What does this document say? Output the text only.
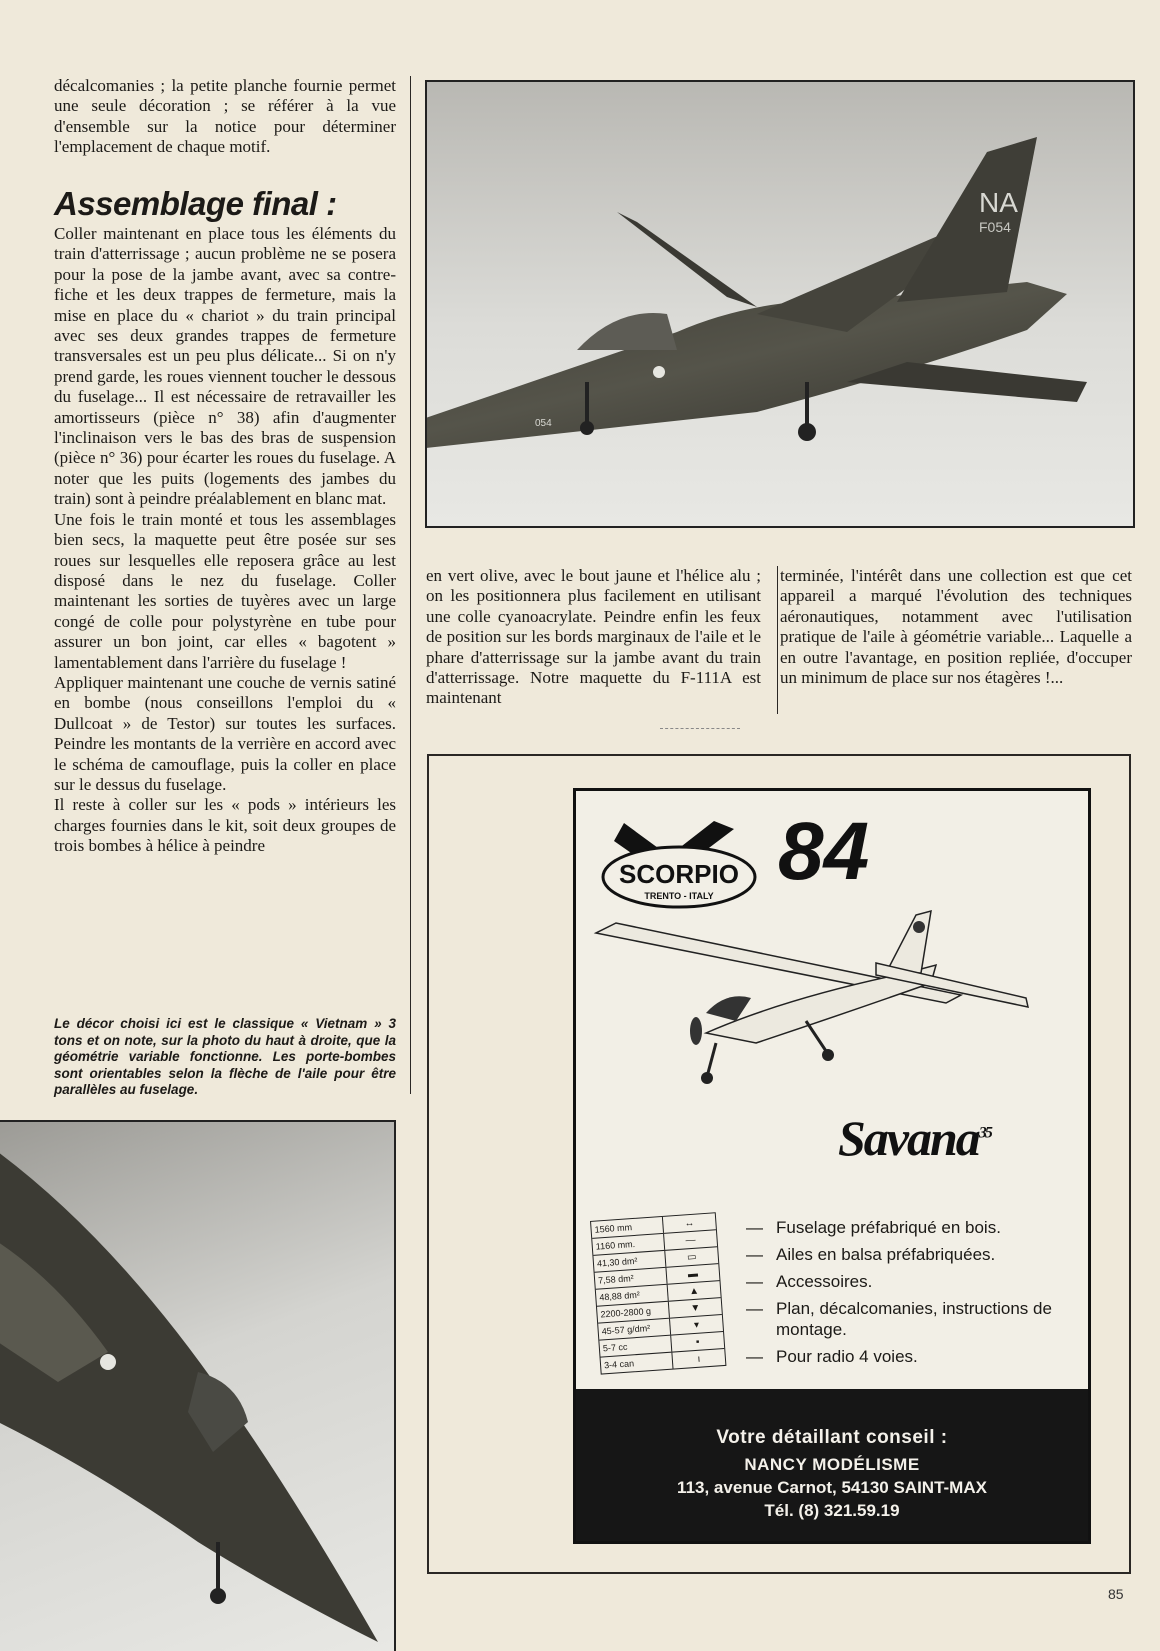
décalcomanies ; la petite planche fournie permet une seule décoration ; se référer à la vue d'ensemble sur la notice pour déterminer l'emplacement de chaque motif.

Assemblage final :

Coller maintenant en place tous les éléments du train d'atterrissage ; aucun problème ne se posera pour la pose de la jambe avant, avec sa contre-fiche et les deux trappes de fermeture, mais la mise en place du « chariot » du train principal avec ses deux grandes trappes de fermeture transversales est un peu plus délicate... Si on n'y prend garde, les roues viennent toucher le dessous du fuselage... Il est nécessaire de retravailler les amortisseurs (pièce n° 38) afin d'augmenter l'inclinaison vers le bas des bras de suspension (pièce n° 36) pour écarter les roues du fuselage. A noter que les puits (logements des jambes du train) sont à peindre préalablement en blanc mat.

Une fois le train monté et tous les assemblages bien secs, la maquette peut être posée sur ses roues sur lesquelles elle reposera grâce au lest disposé dans le nez du fuselage. Coller maintenant les sorties de tuyères avec un large congé de colle pour polystyrène en tube pour assurer un bon joint, car elles « bagotent » lamentablement dans l'arrière du fuselage !

Appliquer maintenant une couche de vernis satiné en bombe (nous conseillons l'emploi du « Dullcoat » de Testor) sur toutes les surfaces. Peindre les montants de la verrière en accord avec le schéma de camouflage, puis la coller en place sur le dessus du fuselage.

Il reste à coller sur les « pods » intérieurs les charges fournies dans le kit, soit deux groupes de trois bombes à hélice à peindre

Le décor choisi ici est le classique « Vietnam » 3 tons et on note, sur la photo du haut à droite, que la géométrie variable fonctionne. Les porte-bombes sont orientables selon la flèche de l'aile pour être parallèles au fuselage.
NA
F054
054
en vert olive, avec le bout jaune et l'hélice alu ; on les positionnera plus facilement en utilisant une colle cyanoacrylate. Peindre enfin les feux de position sur les bords marginaux de l'aile et le phare d'atterrissage sur la jambe avant du train d'atterrissage. Notre maquette du F-111A est maintenant
terminée, l'intérêt dans une collection est que cet appareil a marqué l'évolution des techniques aéronautiques, notamment avec l'utilisation pratique de l'aile à géométrie variable... Laquelle a en outre l'avantage, en position repliée, d'occuper un minimum de place sur nos étagères !...
SCORPIO
TRENTO - ITALY 84
Savana$^{35}$
1560 mm	↔
1160 mm.	—
41,30 dm²	▭
7,58 dm²	▬
48,88 dm²	▲
2200-2800 g	▼
45-57 g/dm²	▾
5-7 cc	▪
3-4 can	ı
— Fuselage préfabriqué en bois.
— Ailes en balsa préfabriquées.
— Accessoires.
— Plan, décalcomanies, instructions de montage.
— Pour radio 4 voies.
Votre détaillant conseil :
NANCY MODÉLISME
113, avenue Carnot, 54130 SAINT-MAX
Tél. (8) 321.59.19
85
